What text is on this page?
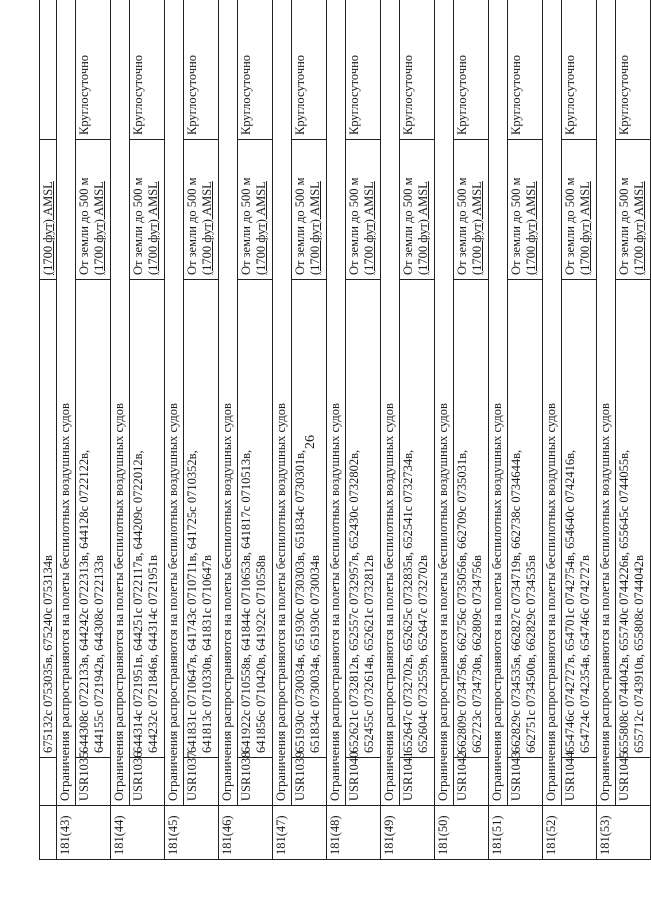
26
		675132с 0753035в, 675240с 0753134в	(1700 фут) AMSL	

181(43)	Ограничения распространяются на полеты беспилотных воздушных судов			
	USR1035	644308с 0722133в, 644242с 0722313в, 644128с 0722122в, 644155с 0721942в, 644308с 0722133в	От земли до 500 м (1700 фут) AMSL	Круглосуточно
181(44)	Ограничения распространяются на полеты беспилотных воздушных судов			
	USR1036	644314с 0721951в, 644251с 0722117в, 644209с 0722012в, 644232с 0721846в, 644314с 0721951в	От земли до 500 м (1700 фут) AMSL	Круглосуточно
181(45)	Ограничения распространяются на полеты беспилотных воздушных судов			
	USR1037	641831с 0710647в, 641743с 0710711в, 641725с 0710352в, 641813с 0710330в, 641831с 0710647в	От земли до 500 м (1700 фут) AMSL	Круглосуточно
181(46)	Ограничения распространяются на полеты беспилотных воздушных судов			
	USR1038	641922с 0710558в, 641844с 0710653в, 641817с 0710513в, 641856с 0710420в, 641922с 0710558в	От земли до 500 м (1700 фут) AMSL	Круглосуточно
181(47)	Ограничения распространяются на полеты беспилотных воздушных судов			
	USR1039	651930с 0730034в, 651930с 0730303в, 651834с 0730301в, 651834с 0730034в, 651930с 0730034в	От земли до 500 м (1700 фут) AMSL	Круглосуточно
181(48)	Ограничения распространяются на полеты беспилотных воздушных судов			
	USR1040	652621с 0732812в, 652557с 0732957в, 652430с 0732802в, 652455с 0732614в, 652621с 0732812в	От земли до 500 м (1700 фут) AMSL	Круглосуточно
181(49)	Ограничения распространяются на полеты беспилотных воздушных судов			
	USR1041	652647с 0732702в, 652625с 0732835в, 652541с 0732734в, 652604с 0732559в, 652647с 0732702в	От земли до 500 м (1700 фут) AMSL	Круглосуточно
181(50)	Ограничения распространяются на полеты беспилотных воздушных судов			
	USR1042	662809с 0734756в, 662756с 0735056в, 662709с 0735031в, 662723с 0734730в, 662809с 0734756в	От земли до 500 м (1700 фут) AMSL	Круглосуточно
181(51)	Ограничения распространяются на полеты беспилотных воздушных судов			
	USR1043	662829с 0734535в, 662827с 0734719в, 662738с 0734644в, 662751с 0734500в, 662829с 0734535в	От земли до 500 м (1700 фут) AMSL	Круглосуточно
181(52)	Ограничения распространяются на полеты беспилотных воздушных судов			
	USR1044	654746с 0742727в, 654701с 0742754в, 654640с 0742416в, 654724с 0742354в, 654746с 0742727в	От земли до 500 м (1700 фут) AMSL	Круглосуточно
181(53)	Ограничения распространяются на полеты беспилотных воздушных судов			
	USR1045	655808с 0744042в, 655740с 0744226в, 655645с 0744055в, 655712с 0743910в, 655808с 0744042в	От земли до 500 м (1700 фут) AMSL	Круглосуточно
